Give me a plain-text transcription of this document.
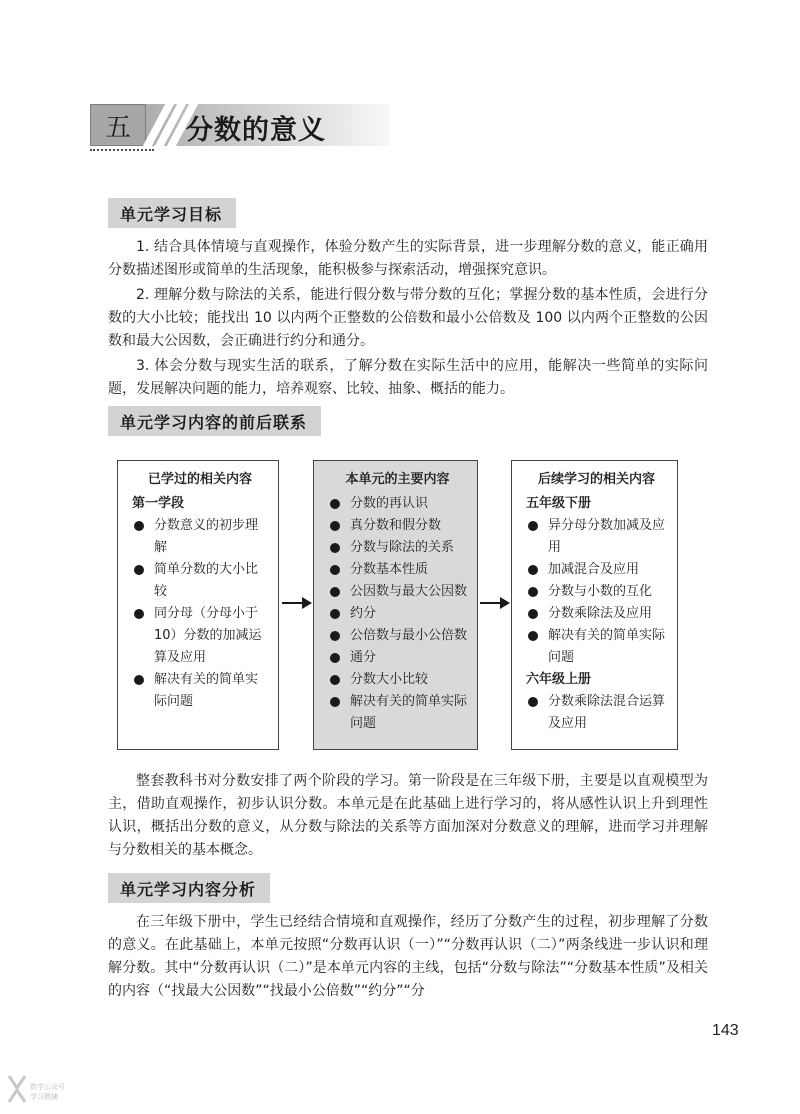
五	分数的意义
单元学习目标

1. 结合具体情境与直观操作，体验分数产生的实际背景，进一步理解分数的意义，能正确用分数描述图形或简单的生活现象，能积极参与探索活动，增强探究意识。

2. 理解分数与除法的关系，能进行假分数与带分数的互化；掌握分数的基本性质，会进行分数的大小比较；能找出 10 以内两个正整数的公倍数和最小公倍数及 100 以内两个正整数的公因数和最大公因数，会正确进行约分和通分。

3. 体会分数与现实生活的联系，了解分数在实际生活中的应用，能解决一些简单的实际问题，发展解决问题的能力，培养观察、比较、抽象、概括的能力。

单元学习内容的前后联系
已学过的相关内容
第一学段
分数意义的初步理解
简单分数的大小比较
同分母（分母小于10）分数的加减运算及应用
解决有关的简单实际问题
本单元的主要内容
分数的再认识
真分数和假分数
分数与除法的关系
分数基本性质
公因数与最大公因数
约分
公倍数与最小公倍数
通分
分数大小比较
解决有关的简单实际问题
后续学习的相关内容
五年级下册
异分母分数加减及应用
加减混合及应用
分数与小数的互化
分数乘除法及应用
解决有关的简单实际问题
六年级上册
分数乘除法混合运算及应用

整套教科书对分数安排了两个阶段的学习。第一阶段是在三年级下册，主要是以直观模型为主，借助直观操作，初步认识分数。本单元是在此基础上进行学习的，将从感性认识上升到理性认识，概括出分数的意义，从分数与除法的关系等方面加深对分数意义的理解，进而学习并理解与分数相关的基本概念。

单元学习内容分析

在三年级下册中，学生已经结合情境和直观操作，经历了分数产生的过程，初步理解了分数的意义。在此基础上，本单元按照“分数再认识（一）”“分数再认识（二）”两条线进一步认识和理解分数。其中“分数再认识（二）”是本单元内容的主线，包括“分数与除法”“分数基本性质”及相关的内容（“找最大公因数”“找最小公倍数”“约分”“分

143
数学公众号
学习教辅
